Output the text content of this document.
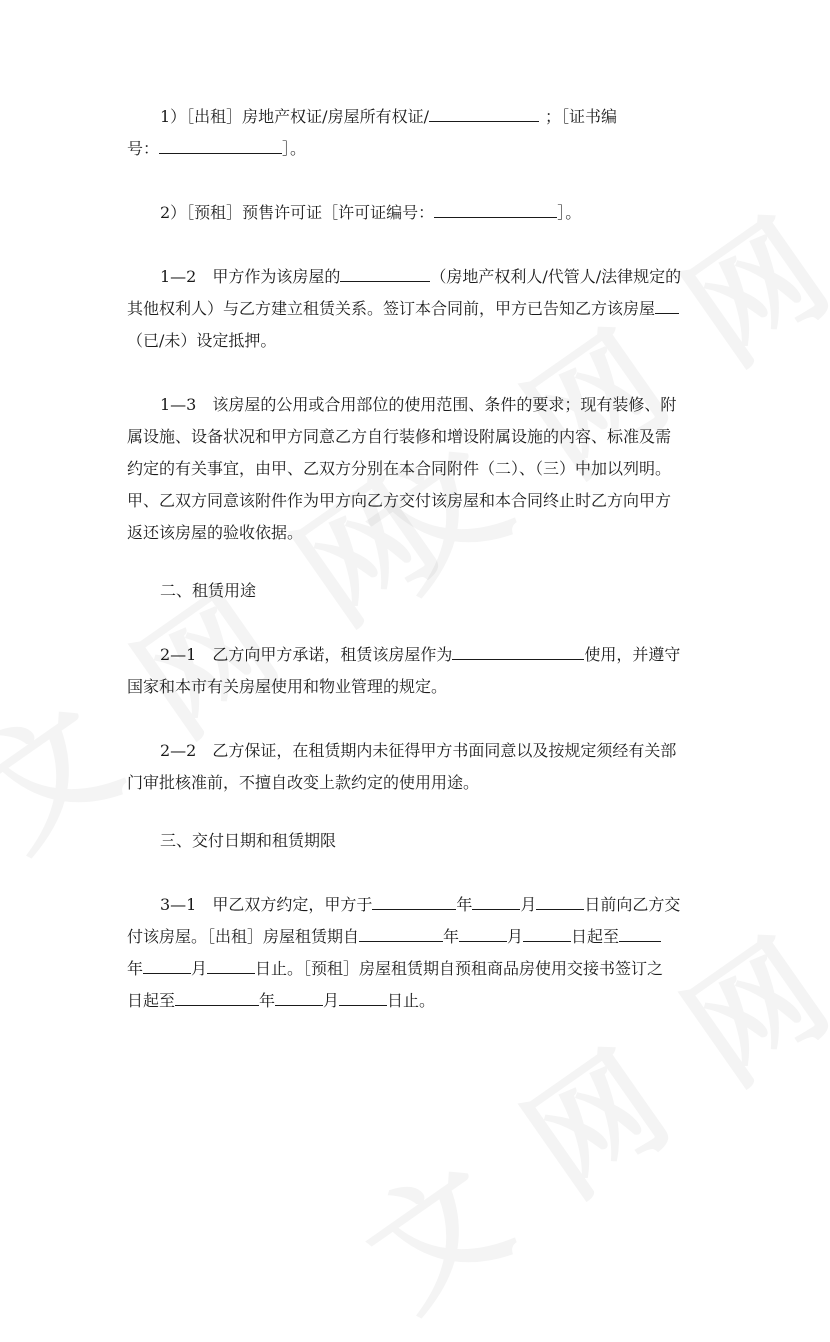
1）［出租］房地产权证/房屋所有权证/	；［证书编
号：	］。
2）［预租］预售许可证［许可证编号：	］。
1—2　甲方作为该房屋的	（房地产权利人/代管人/法律规定的
其他权利人）与乙方建立租赁关系。签订本合同前，甲方已告知乙方该房屋
（已/未）设定抵押。
1—3　该房屋的公用或合用部位的使用范围、条件的要求；现有装修、附
属设施、设备状况和甲方同意乙方自行装修和增设附属设施的内容、标准及需
约定的有关事宜，由甲、乙双方分别在本合同附件（二）、（三）中加以列明。
甲、乙双方同意该附件作为甲方向乙方交付该房屋和本合同终止时乙方向甲方
返还该房屋的验收依据。
二、租赁用途
2—1　乙方向甲方承诺，租赁该房屋作为	使用，并遵守
国家和本市有关房屋使用和物业管理的规定。
2—2　乙方保证，在租赁期内未征得甲方书面同意以及按规定须经有关部
门审批核准前，不擅自改变上款约定的使用用途。
三、交付日期和租赁期限
3—1　甲乙双方约定，甲方于	年	月	日前向乙方交
付该房屋。［出租］房屋租赁期自	年	月	日起至
年	月	日止。［预租］房屋租赁期自预租商品房使用交接书签订之
日起至	年	月	日止。
